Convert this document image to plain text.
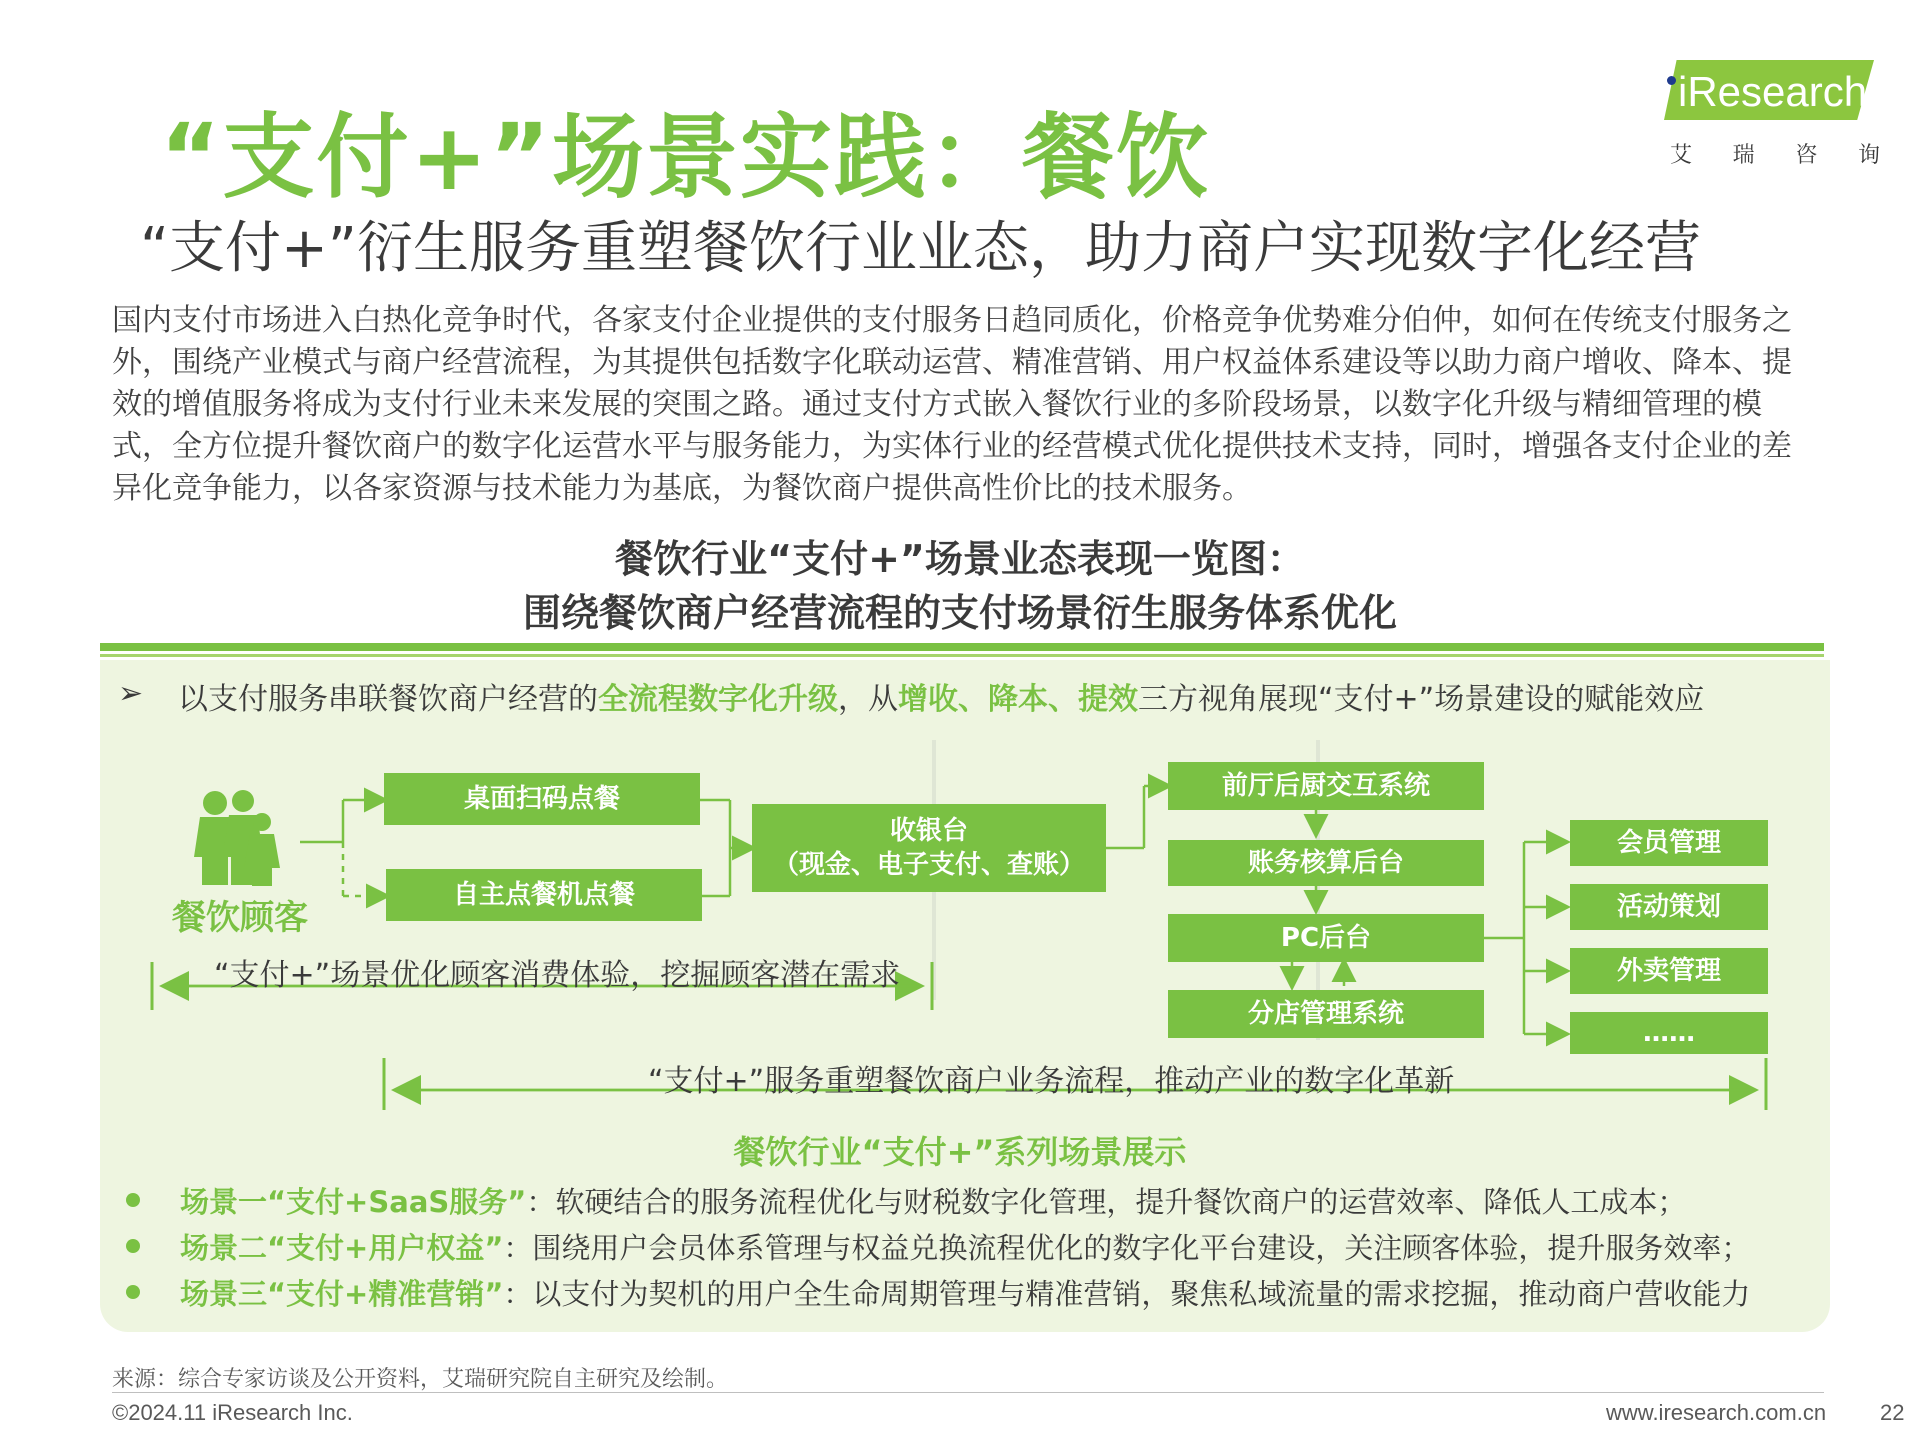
“支付+”场景实践：餐饮
“支付+”衍生服务重塑餐饮行业业态，助力商户实现数字化经营
iResearch
艾 瑞 咨 询
国内支付市场进入白热化竞争时代，各家支付企业提供的支付服务日趋同质化，价格竞争优势难分伯仲，如何在传统支付服务之外，围绕产业模式与商户经营流程，为其提供包括数字化联动运营、精准营销、用户权益体系建设等以助力商户增收、降本、提效的增值服务将成为支付行业未来发展的突围之路。通过支付方式嵌入餐饮行业的多阶段场景，以数字化升级与精细管理的模式，全方位提升餐饮商户的数字化运营水平与服务能力，为实体行业的经营模式优化提供技术支持，同时，增强各支付企业的差异化竞争能力，以各家资源与技术能力为基底，为餐饮商户提供高性价比的技术服务。
餐饮行业“支付+”场景业态表现一览图：
围绕餐饮商户经营流程的支付场景衍生服务体系优化
➢ 以支付服务串联餐饮商户经营的全流程数字化升级，从增收、降本、提效三方视角展现“支付+”场景建设的赋能效应
餐饮顾客
桌面扫码点餐
自主点餐机点餐
收银台
（现金、电子支付、查账）
前厅后厨交互系统
账务核算后台
PC后台
分店管理系统
会员管理
活动策划
外卖管理
……
“支付+”场景优化顾客消费体验，挖掘顾客潜在需求
“支付+”服务重塑餐饮商户业务流程，推动产业的数字化革新
餐饮行业“支付+”系列场景展示
场景一“支付+SaaS服务” ：软硬结合的服务流程优化与财税数字化管理，提升餐饮商户的运营效率、降低人工成本；
场景二“支付+用户权益” ：围绕用户会员体系管理与权益兑换流程优化的数字化平台建设，关注顾客体验，提升服务效率；
场景三“支付+精准营销” ：以支付为契机的用户全生命周期管理与精准营销，聚焦私域流量的需求挖掘，推动商户营收能力
来源：综合专家访谈及公开资料，艾瑞研究院自主研究及绘制。
©2024.11 iResearch Inc.	www.iresearch.com.cn 22
